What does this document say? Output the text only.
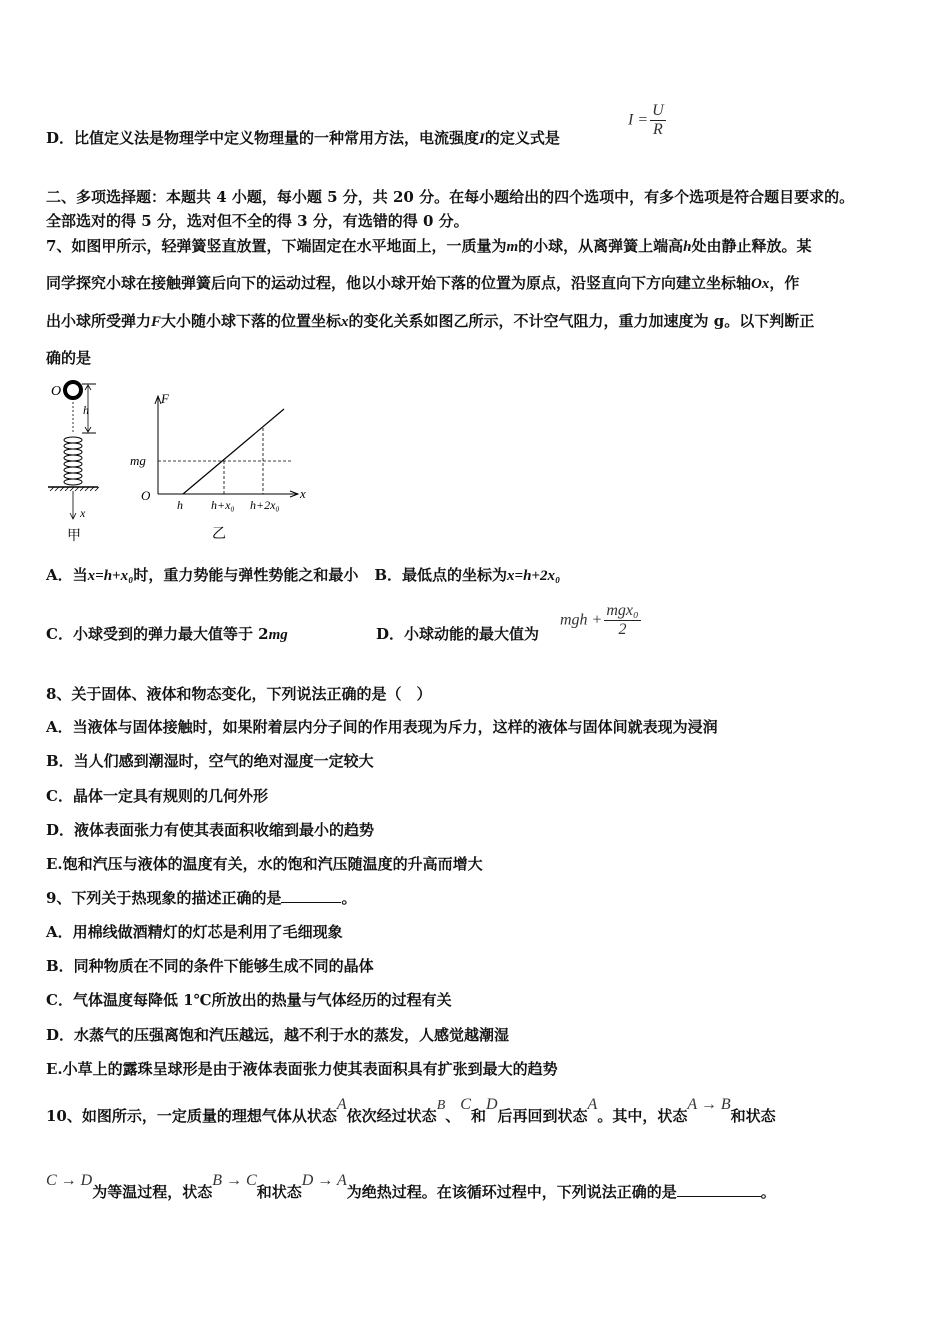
D．比值定义法是物理学中定义物理量的一种常用方法，电流强度I的定义式是
$I = \frac{U}{R}$
二、多项选择题：本题共 4 小题，每小题 5 分，共 20 分。在每小题给出的四个选项中，有多个选项是符合题目要求的。
全部选对的得 5 分，选对但不全的得 3 分，有选错的得 0 分。
7、如图甲所示，轻弹簧竖直放置，下端固定在水平地面上，一质量为m的小球，从离弹簧上端高h处由静止释放。某
同学探究小球在接触弹簧后向下的运动过程，他以小球开始下落的位置为原点，沿竖直向下方向建立坐标轴Ox，作
出小球所受弹力F大小随小球下落的位置坐标x的变化关系如图乙所示，不计空气阻力，重力加速度为 g。以下判断正
确的是
O
h
x
甲
F
x
O
mg
h h+x₀ h+2x₀
乙
A．当x=h+x₀时，重力势能与弹性势能之和最小 B．最低点的坐标为x=h+2x₀
C．小球受到的弹力最大值等于 2mg	D．小球动能的最大值为
mgh + $\frac{\text{mgx₀}}{2}$
8、关于固体、液体和物态变化，下列说法正确的是（　）
A．当液体与固体接触时，如果附着层内分子间的作用表现为斥力，这样的液体与固体间就表现为浸润
B．当人们感到潮湿时，空气的绝对湿度一定较大
C．晶体一定具有规则的几何外形
D．液体表面张力有使其表面积收缩到最小的趋势
E.饱和汽压与液体的温度有关，水的饱和汽压随温度的升高而增大
9、下列关于热现象的描述正确的是	。
A．用棉线做酒精灯的灯芯是利用了毛细现象
B．同种物质在不同的条件下能够生成不同的晶体
C．气体温度每降低 1℃所放出的热量与气体经历的过程有关
D．水蒸气的压强离饱和汽压越远，越不利于水的蒸发，人感觉越潮湿
E.小草上的露珠呈球形是由于液体表面张力使其表面积具有扩张到最大的趋势
10、如图所示，一定质量的理想气体从状态A依次经过状态B、C和D后再回到状态A。其中，状态A → B和状态
C → D为等温过程，状态B → C和状态D → A为绝热过程。在该循环过程中，下列说法正确的是	。
